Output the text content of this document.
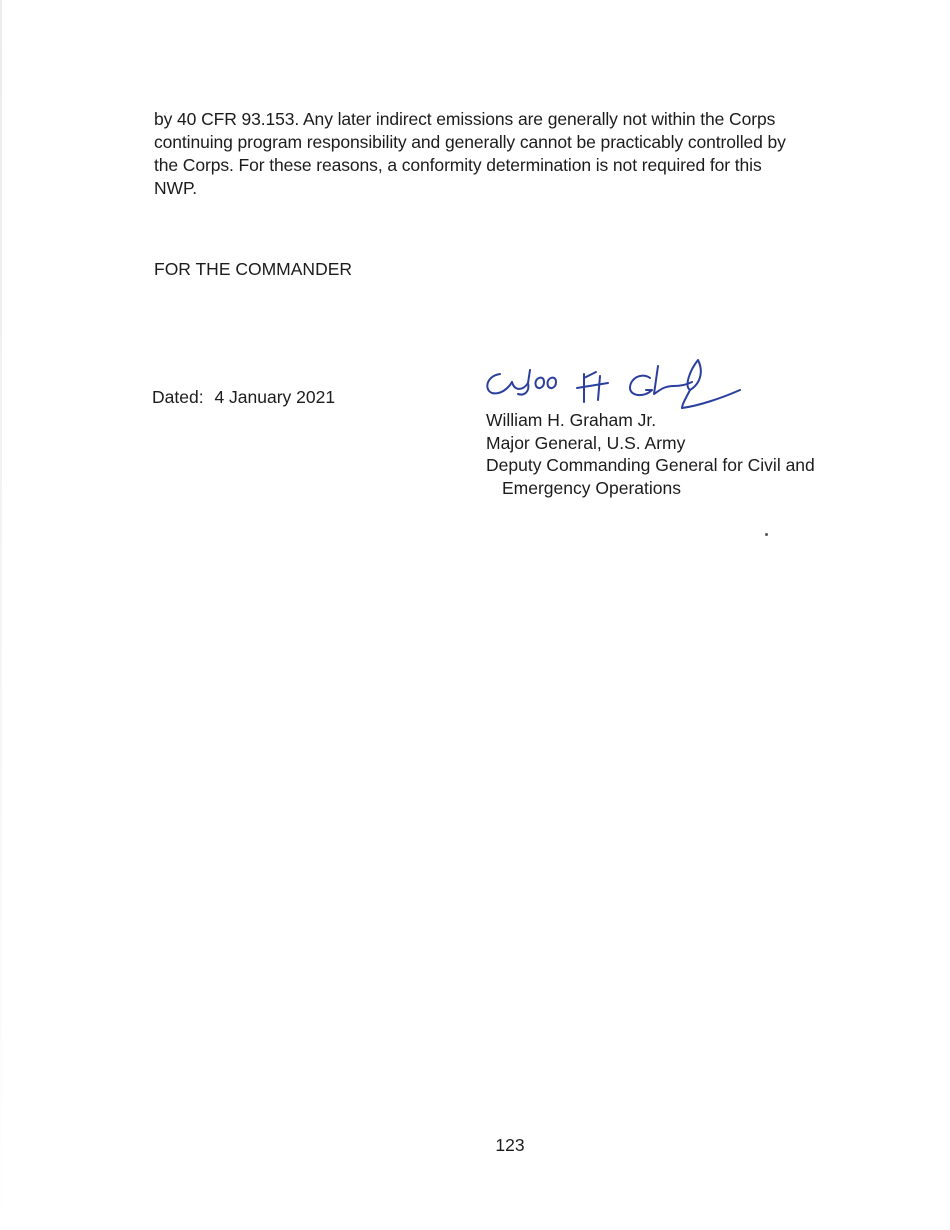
by 40 CFR 93.153. Any later indirect emissions are generally not within the Corps
continuing program responsibility and generally cannot be practicably controlled by
the Corps. For these reasons, a conformity determination is not required for this
NWP.
FOR THE COMMANDER
Dated: 4 January 2021
William H. Graham Jr.
Major General, U.S. Army
Deputy Commanding General for Civil and
Emergency Operations
123
